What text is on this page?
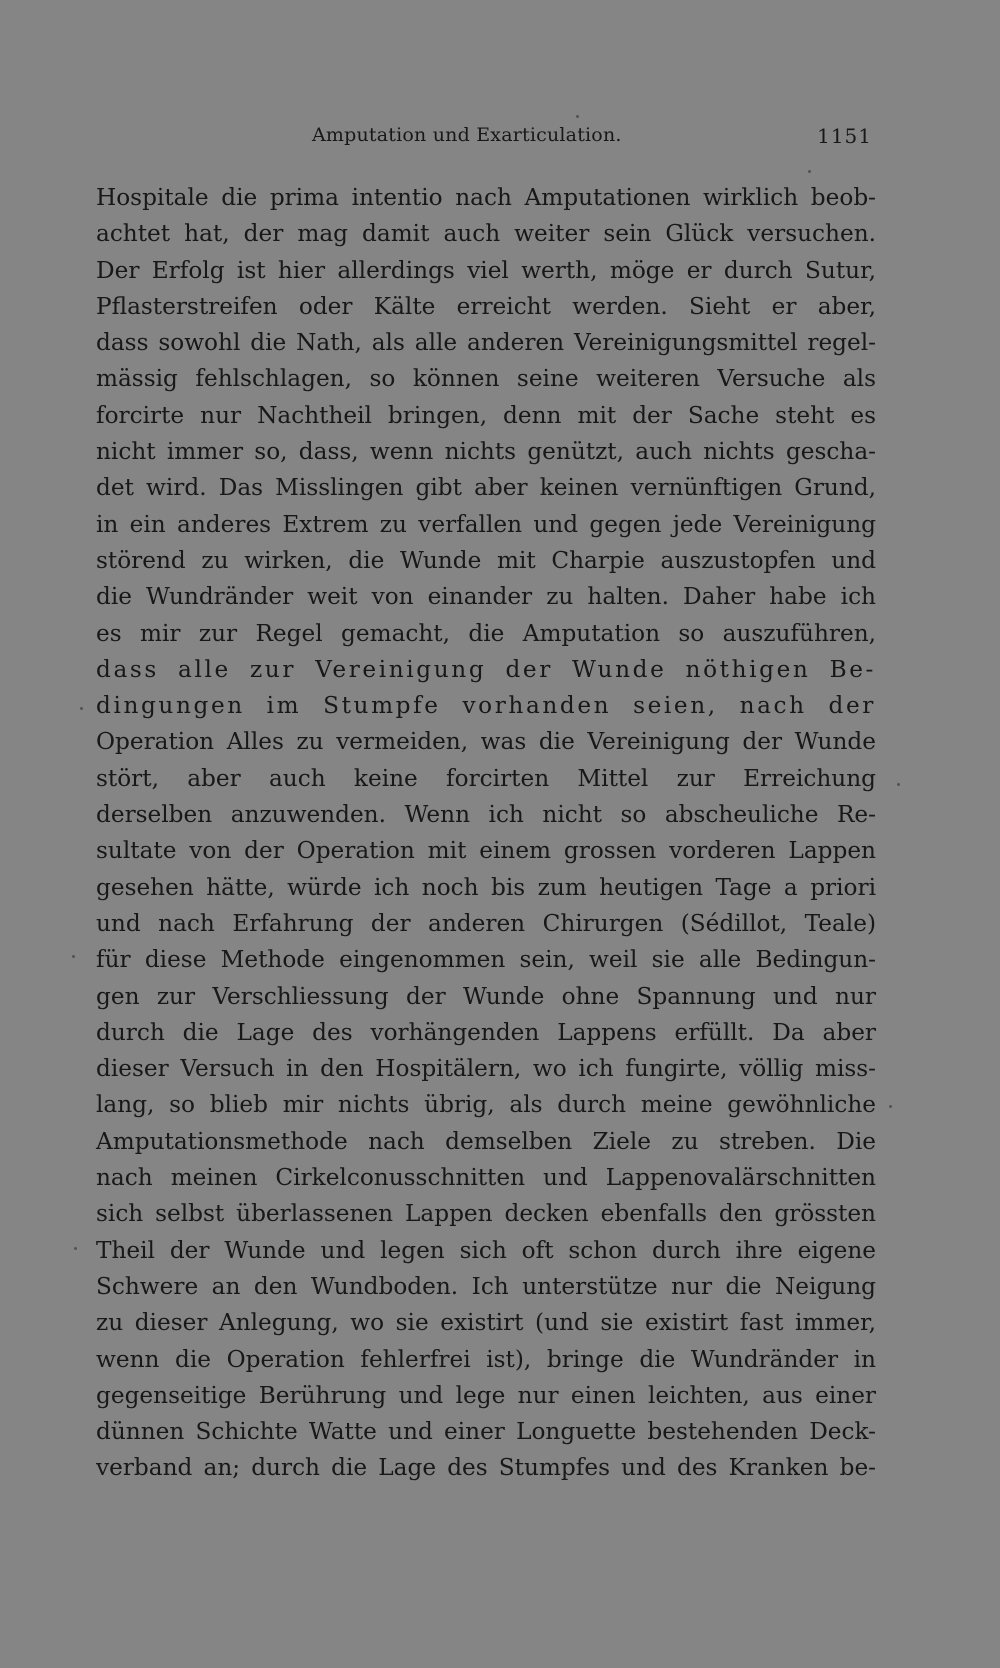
Amputation und Exarticulation.	1151
Hospitale die prima intentio nach Amputationen wirklich beob-
achtet hat, der mag damit auch weiter sein Glück versuchen.
Der Erfolg ist hier allerdings viel werth, möge er durch Sutur,
Pflasterstreifen oder Kälte erreicht werden. Sieht er aber,
dass sowohl die Nath, als alle anderen Vereinigungsmittel regel-
mässig fehlschlagen, so können seine weiteren Versuche als
forcirte nur Nachtheil bringen, denn mit der Sache steht es
nicht immer so, dass, wenn nichts genützt, auch nichts gescha-
det wird. Das Misslingen gibt aber keinen vernünftigen Grund,
in ein anderes Extrem zu verfallen und gegen jede Vereinigung
störend zu wirken, die Wunde mit Charpie auszustopfen und
die Wundränder weit von einander zu halten. Daher habe ich
es mir zur Regel gemacht, die Amputation so auszuführen,
dass alle zur Vereinigung der Wunde nöthigen Be-
dingungen im Stumpfe vorhanden seien, nach der
Operation Alles zu vermeiden, was die Vereinigung der Wunde
stört, aber auch keine forcirten Mittel zur Erreichung
derselben anzuwenden. Wenn ich nicht so abscheuliche Re-
sultate von der Operation mit einem grossen vorderen Lappen
gesehen hätte, würde ich noch bis zum heutigen Tage a priori
und nach Erfahrung der anderen Chirurgen (Sédillot, Teale)
für diese Methode eingenommen sein, weil sie alle Bedingun-
gen zur Verschliessung der Wunde ohne Spannung und nur
durch die Lage des vorhängenden Lappens erfüllt. Da aber
dieser Versuch in den Hospitälern, wo ich fungirte, völlig miss-
lang, so blieb mir nichts übrig, als durch meine gewöhnliche
Amputationsmethode nach demselben Ziele zu streben. Die
nach meinen Cirkelconusschnitten und Lappenovalärschnitten
sich selbst überlassenen Lappen decken ebenfalls den grössten
Theil der Wunde und legen sich oft schon durch ihre eigene
Schwere an den Wundboden. Ich unterstütze nur die Neigung
zu dieser Anlegung, wo sie existirt (und sie existirt fast immer,
wenn die Operation fehlerfrei ist), bringe die Wundränder in
gegenseitige Berührung und lege nur einen leichten, aus einer
dünnen Schichte Watte und einer Longuette bestehenden Deck-
verband an; durch die Lage des Stumpfes und des Kranken be-
